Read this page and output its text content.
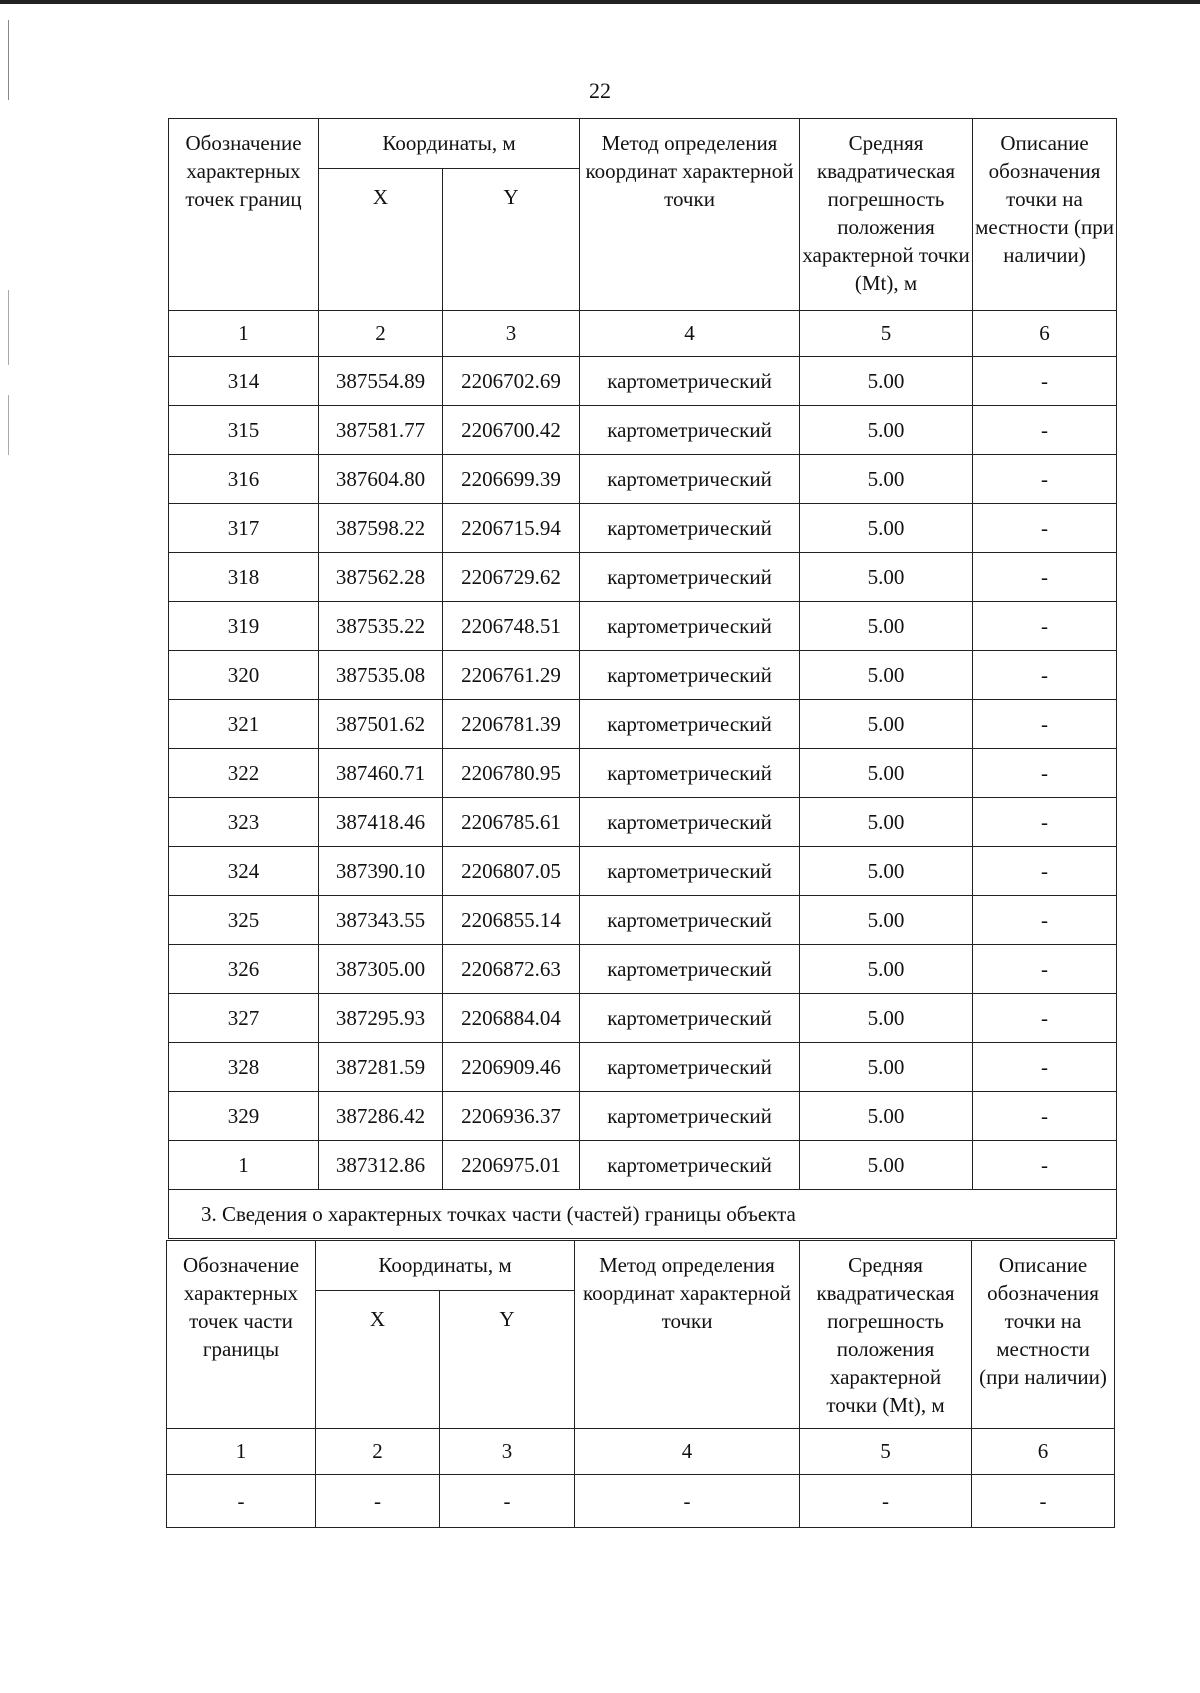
22
Обозначение характерных точек границ	Координаты, м		Метод определения координат характерной точки	Средняя квадратическая погрешность положения характерной точки (Mt), м	Описание обозначения точки на местности (при наличии)
	X	Y			
1	2	3	4	5	6
314	387554.89	2206702.69	картометрический	5.00	-
315	387581.77	2206700.42	картометрический	5.00	-
316	387604.80	2206699.39	картометрический	5.00	-
317	387598.22	2206715.94	картометрический	5.00	-
318	387562.28	2206729.62	картометрический	5.00	-
319	387535.22	2206748.51	картометрический	5.00	-
320	387535.08	2206761.29	картометрический	5.00	-
321	387501.62	2206781.39	картометрический	5.00	-
322	387460.71	2206780.95	картометрический	5.00	-
323	387418.46	2206785.61	картометрический	5.00	-
324	387390.10	2206807.05	картометрический	5.00	-
325	387343.55	2206855.14	картометрический	5.00	-
326	387305.00	2206872.63	картометрический	5.00	-
327	387295.93	2206884.04	картометрический	5.00	-
328	387281.59	2206909.46	картометрический	5.00	-
329	387286.42	2206936.37	картометрический	5.00	-
1	387312.86	2206975.01	картометрический	5.00	-
3. Сведения о характерных точках части (частей) границы объекта					
Обозначение характерных точек части границы	Координаты, м		Метод определения координат характерной точки	Средняя квадратическая погрешность положения характерной точки (Mt), м	Описание обозначения точки на местности (при наличии)
	X	Y			
1	2	3	4	5	6
-	-	-	-	-	-
